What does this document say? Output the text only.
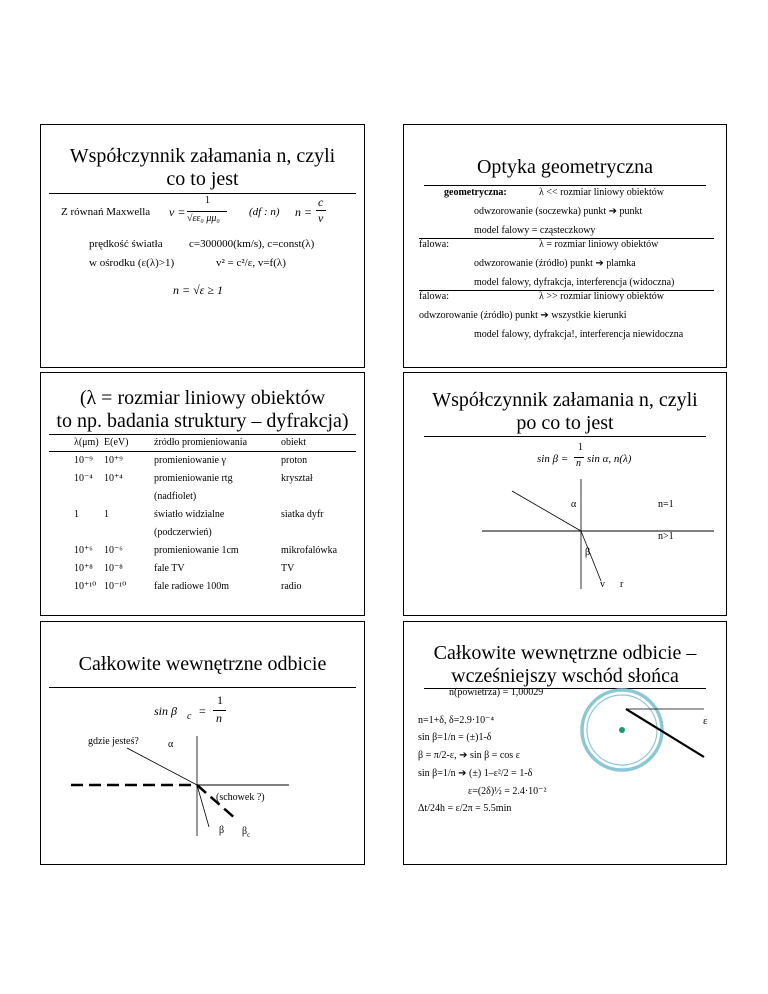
Współczynnik załamania n, czyli
co to jest
Z równań Maxwella v =
1
√εε₀ μμ₀
(df : n) n =
c
v
prędkość światła c=300000(km/s), c=const(λ)
w ośrodku (ε(λ)>1)	v² = c²/ε, v=f(λ)
n = √ε ≥ 1
Optyka geometryczna
geometryczna:	λ << rozmiar liniowy obiektów
odwzorowanie (soczewka) punkt ➔ punkt
model falowy = cząsteczkowy
falowa:	λ = rozmiar liniowy obiektów
odwzorowanie (źródło) punkt ➔ plamka
model falowy, dyfrakcja, interferencja (widoczna)
falowa:	λ >> rozmiar liniowy obiektów
odwzorowanie (źródło) punkt ➔ wszystkie kierunki
model falowy, dyfrakcja!, interferencja niewidoczna
(λ = rozmiar liniowy obiektów
to np. badania struktury – dyfrakcja)
λ(μm) E(eV)	źródło promieniowania	obiekt
10⁻⁹ 10⁺⁹	promieniowanie γ	proton
10⁻⁴ 10⁺⁴	promieniowanie rtg	kryształ
(nadfiolet)
1	1	światło widzialne	siatka dyfr
(podczerwień)
10⁺⁶ 10⁻⁶	promieniowanie 1cm	mikrofalówka
10⁺⁸ 10⁻⁸	fale TV	TV
10⁺¹⁰ 10⁻¹⁰	fale radiowe 100m	radio
Współczynnik załamania n, czyli
po co to jest
sin β =
1
n sin α, n(λ)
α	n=1
n>1
β
v r
Całkowite wewnętrzne odbicie
sin β c =
1
n
gdzie jesteś?	α
(schowek ?)
β $\beta_c$
Całkowite wewnętrzne odbicie –
wcześniejszy wschód słońca
n(powietrza) = 1,00029
n=1+δ, δ=2.9·10⁻⁴
sin β=1/n = (±)1-δ
β = π/2-ε, ➔ sin β = cos ε
sin β=1/n ➔ (±) 1–ε²/2 = 1-δ
ε=(2δ)½ = 2.4·10⁻²
Δt/24h = ε/2π = 5.5min
ε
